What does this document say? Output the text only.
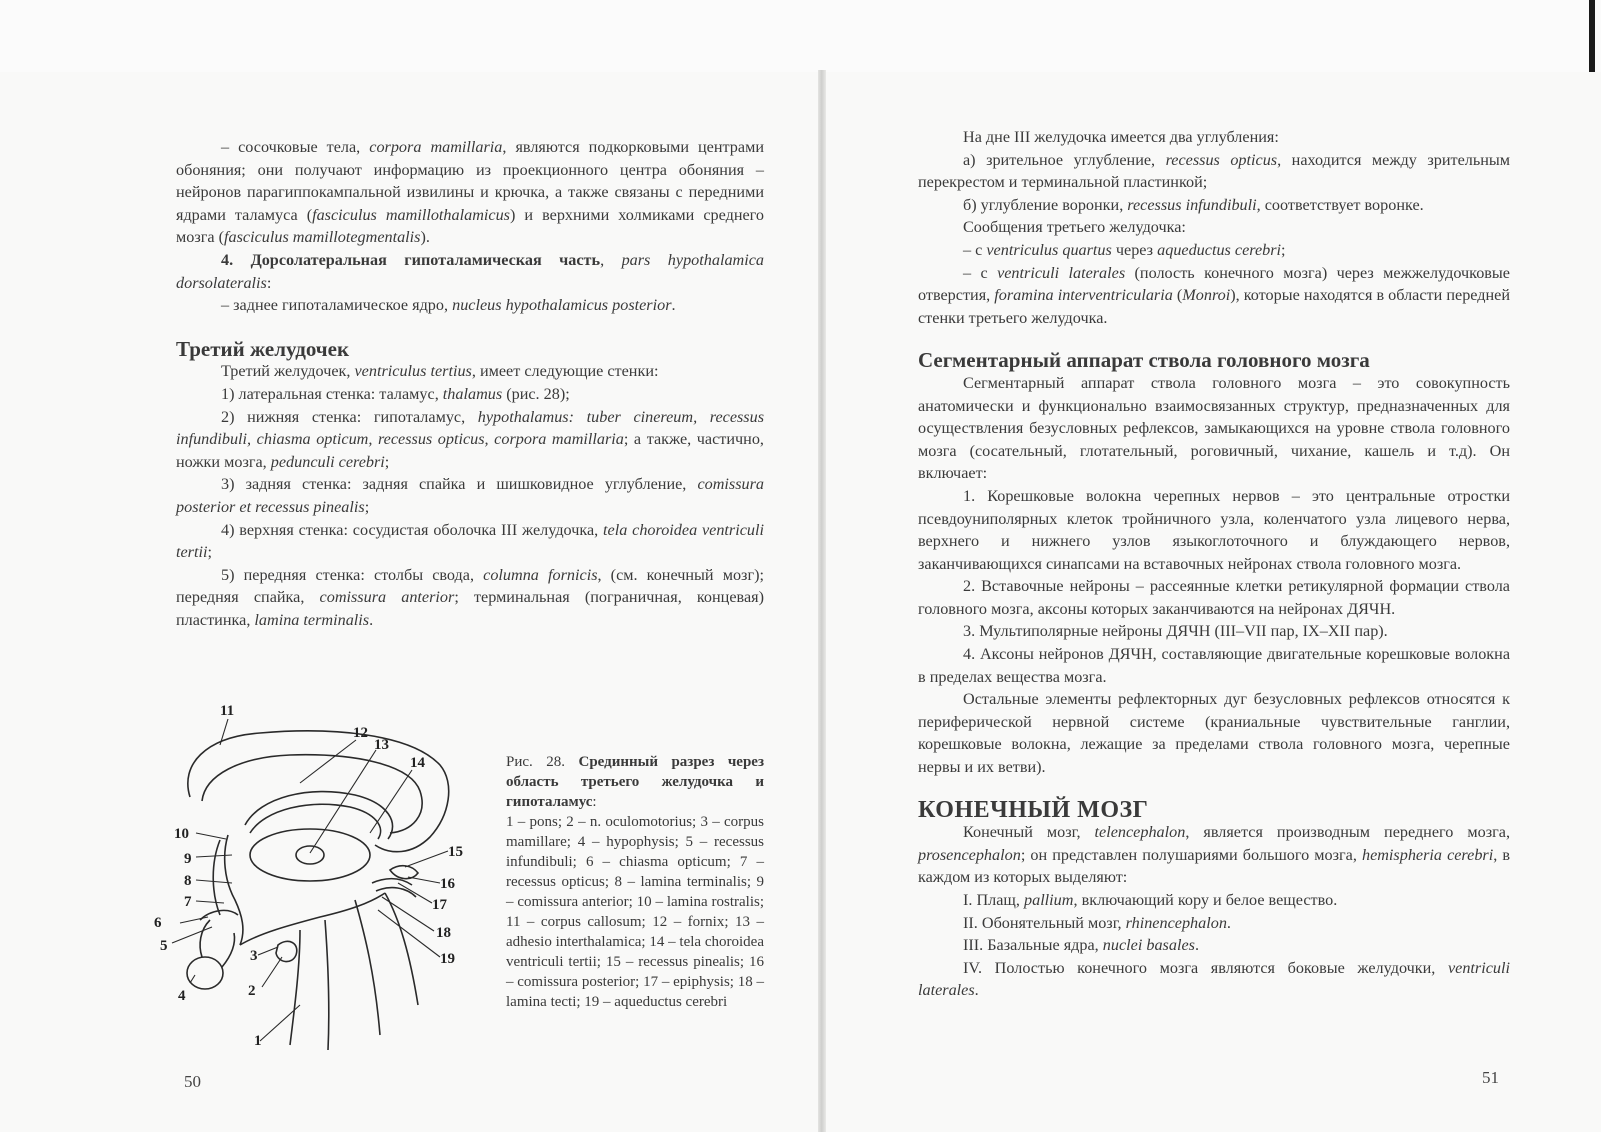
– сосочковые тела, corpora mamillaria, являются подкорковыми центрами обоняния; они получают информацию из проекционного центра обоняния – нейронов парагиппокампальной извилины и крючка, а также связаны с передними ядрами таламуса (fasciculus mamillothalamicus) и верхними холмиками среднего мозга (fasciculus mamillotegmentalis).

4. Дорсолатеральная гипоталамическая часть, pars hypothalamica dorsolateralis:

– заднее гипоталамическое ядро, nucleus hypothalamicus posterior.

Третий желудочек

Третий желудочек, ventriculus tertius, имеет следующие стенки:

1) латеральная стенка: таламус, thalamus (рис. 28);

2) нижняя стенка: гипоталамус, hypothalamus: tuber cinereum, recessus infundibuli, chiasma opticum, recessus opticus, corpora mamillaria; а также, частично, ножки мозга, pedunculi cerebri;

3) задняя стенка: задняя спайка и шишковидное углубление, comissura posterior et recessus pinealis;

4) верхняя стенка: сосудистая оболочка III желудочка, tela choroidea ventriculi tertii;

5) передняя стенка: столбы свода, columna fornicis, (см. конечный мозг); передняя спайка, comissura anterior; терминальная (пограничная, концевая) пластинка, lamina terminalis.

1
2
3
4
5
6
7
8
9
10
11
12
13
14
15
16
17
18
19
Рис. 28. Срединный разрез через область третьего желудочка и гипоталамус:
1 – pons; 2 – n. oculomotorius; 3 – corpus mamillare; 4 – hypophysis; 5 – recessus infundibuli; 6 – chiasma opticum; 7 – recessus opticus; 8 – lamina terminalis; 9 – comissura anterior; 10 – lamina rostralis; 11 – corpus callosum; 12 – fornix; 13 – adhesio interthalamica; 14 – tela choroidea ventriculi tertii; 15 – recessus pinealis; 16 – comissura posterior; 17 – epiphysis; 18 – lamina tecti; 19 – aqueductus cerebri
50

На дне III желудочка имеется два углубления:

а) зрительное углубление, recessus opticus, находится между зрительным перекрестом и терминальной пластинкой;

б) углубление воронки, recessus infundibuli, соответствует воронке.

Сообщения третьего желудочка:

– с ventriculus quartus через aqueductus cerebri;

– с ventriculi laterales (полость конечного мозга) через межжелудочковые отверстия, foramina interventricularia (Monroi), которые находятся в области передней стенки третьего желудочка.

Сегментарный аппарат ствола головного мозга

Сегментарный аппарат ствола головного мозга – это совокупность анатомически и функционально взаимосвязанных структур, предназначенных для осуществления безусловных рефлексов, замыкающихся на уровне ствола головного мозга (сосательный, глотательный, роговичный, чихание, кашель и т.д). Он включает:

1. Корешковые волокна черепных нервов – это центральные отростки псевдоуниполярных клеток тройничного узла, коленчатого узла лицевого нерва, верхнего и нижнего узлов языкоглоточного и блуждающего нервов, заканчивающихся синапсами на вставочных нейронах ствола головного мозга.

2. Вставочные нейроны – рассеянные клетки ретикулярной формации ствола головного мозга, аксоны которых заканчиваются на нейронах ДЯЧН.

3. Мультиполярные нейроны ДЯЧН (III–VII пар, IX–XII пар).

4. Аксоны нейронов ДЯЧН, составляющие двигательные корешковые волокна в пределах вещества мозга.

Остальные элементы рефлекторных дуг безусловных рефлексов относятся к периферической нервной системе (краниальные чувствительные ганглии, корешковые волокна, лежащие за пределами ствола головного мозга, черепные нервы и их ветви).

КОНЕЧНЫЙ МОЗГ

Конечный мозг, telencephalon, является производным переднего мозга, prosencephalon; он представлен полушариями большого мозга, hemispheria cerebri, в каждом из которых выделяют:

I. Плащ, pallium, включающий кору и белое вещество.

II. Обонятельный мозг, rhinencephalon.

III. Базальные ядра, nuclei basales.

IV. Полостью конечного мозга являются боковые желудочки, ventriculi laterales.

51
